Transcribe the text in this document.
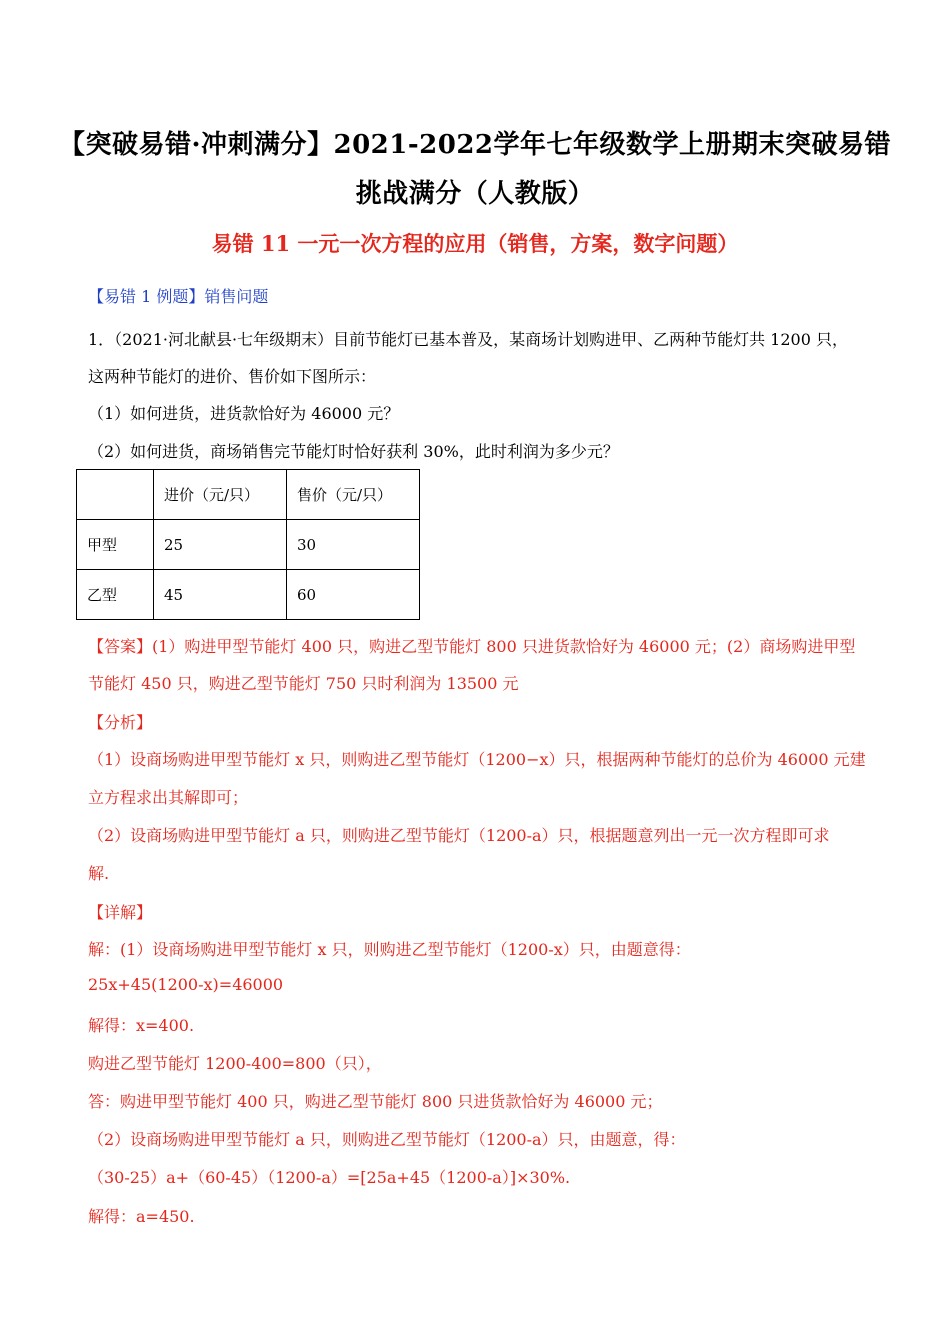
【突破易错·冲刺满分】2021-2022学年七年级数学上册期末突破易错
挑战满分（人教版）
易错 11 一元一次方程的应用（销售，方案，数字问题）
【易错 1 例题】销售问题
1．（2021·河北献县·七年级期末）目前节能灯已基本普及，某商场计划购进甲、乙两种节能灯共 1200 只，
这两种节能灯的进价、售价如下图所示：
（1）如何进货，进货款恰好为 46000 元？
（2）如何进货，商场销售完节能灯时恰好获利 30%，此时利润为多少元？
	进价（元/只）	售价（元/只）
甲型	25	30
乙型	45	60
【答案】(1）购进甲型节能灯 400 只，购进乙型节能灯 800 只进货款恰好为 46000 元；(2）商场购进甲型
节能灯 450 只，购进乙型节能灯 750 只时利润为 13500 元
【分析】
（1）设商场购进甲型节能灯 x 只，则购进乙型节能灯（1200−x）只，根据两种节能灯的总价为 46000 元建
立方程求出其解即可；
（2）设商场购进甲型节能灯 a 只，则购进乙型节能灯（1200-a）只，根据题意列出一元一次方程即可求
解.
【详解】
解：(1）设商场购进甲型节能灯 x 只，则购进乙型节能灯（1200-x）只，由题意得：
25x+45(1200-x)=46000
解得：x=400.
购进乙型节能灯 1200-400=800（只），
答：购进甲型节能灯 400 只，购进乙型节能灯 800 只进货款恰好为 46000 元；
（2）设商场购进甲型节能灯 a 只，则购进乙型节能灯（1200-a）只，由题意，得：
（30-25）a+（60-45）（1200-a）=[25a+45（1200-a）]×30%.
解得：a=450.
